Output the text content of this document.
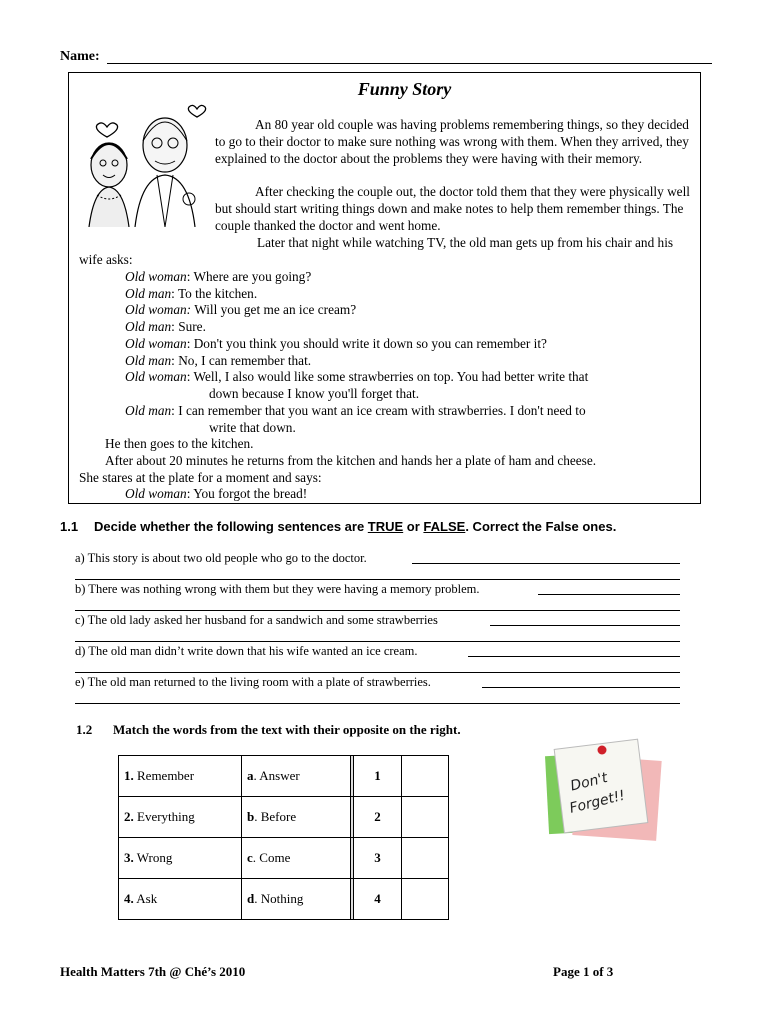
Name:
Funny Story

An 80 year old couple was having problems remembering things, so they decided to go to their doctor to make sure nothing was wrong with them. When they arrived, they explained to the doctor about the problems they were having with their memory.

After checking the couple out, the doctor told them that they were physically well but should start writing things down and make notes to help them remember things. The couple thanked the doctor and went home.

Later that night while watching TV, the old man gets up from his chair and his wife asks:

Old woman: Where are you going?
Old man: To the kitchen.
Old woman: Will you get me an ice cream?
Old man: Sure.
Old woman: Don't you think you should write it down so you can remember it?
Old man: No, I can remember that.
Old woman: Well, I also would like some strawberries on top. You had better write that
down because I know you'll forget that.
Old man: I can remember that you want an ice cream with strawberries. I don't need to
write that down.
He then goes to the kitchen.
After about 20 minutes he returns from the kitchen and hands her a plate of ham and cheese.
She stares at the plate for a moment and says:
Old woman: You forgot the bread!
1.1 Decide whether the following sentences are TRUE or FALSE. Correct the False ones.
a) This story is about two old people who go to the doctor.
b) There was nothing wrong with them but they were having a memory problem.
c) The old lady asked her husband for a sandwich and some strawberries
d) The old man didn’t write down that his wife wanted an ice cream.
e) The old man returned to the living room with a plate of strawberries.
1.2 Match the words from the text with their opposite on the right.
1. Remember	a. Answer		1	
2. Everything	b. Before		2	
3. Wrong	c. Come		3	
4. Ask	d. Nothing		4	
Don't
Forget!!
Health Matters 7th @ Ché’s 2010	Page 1 of 3
